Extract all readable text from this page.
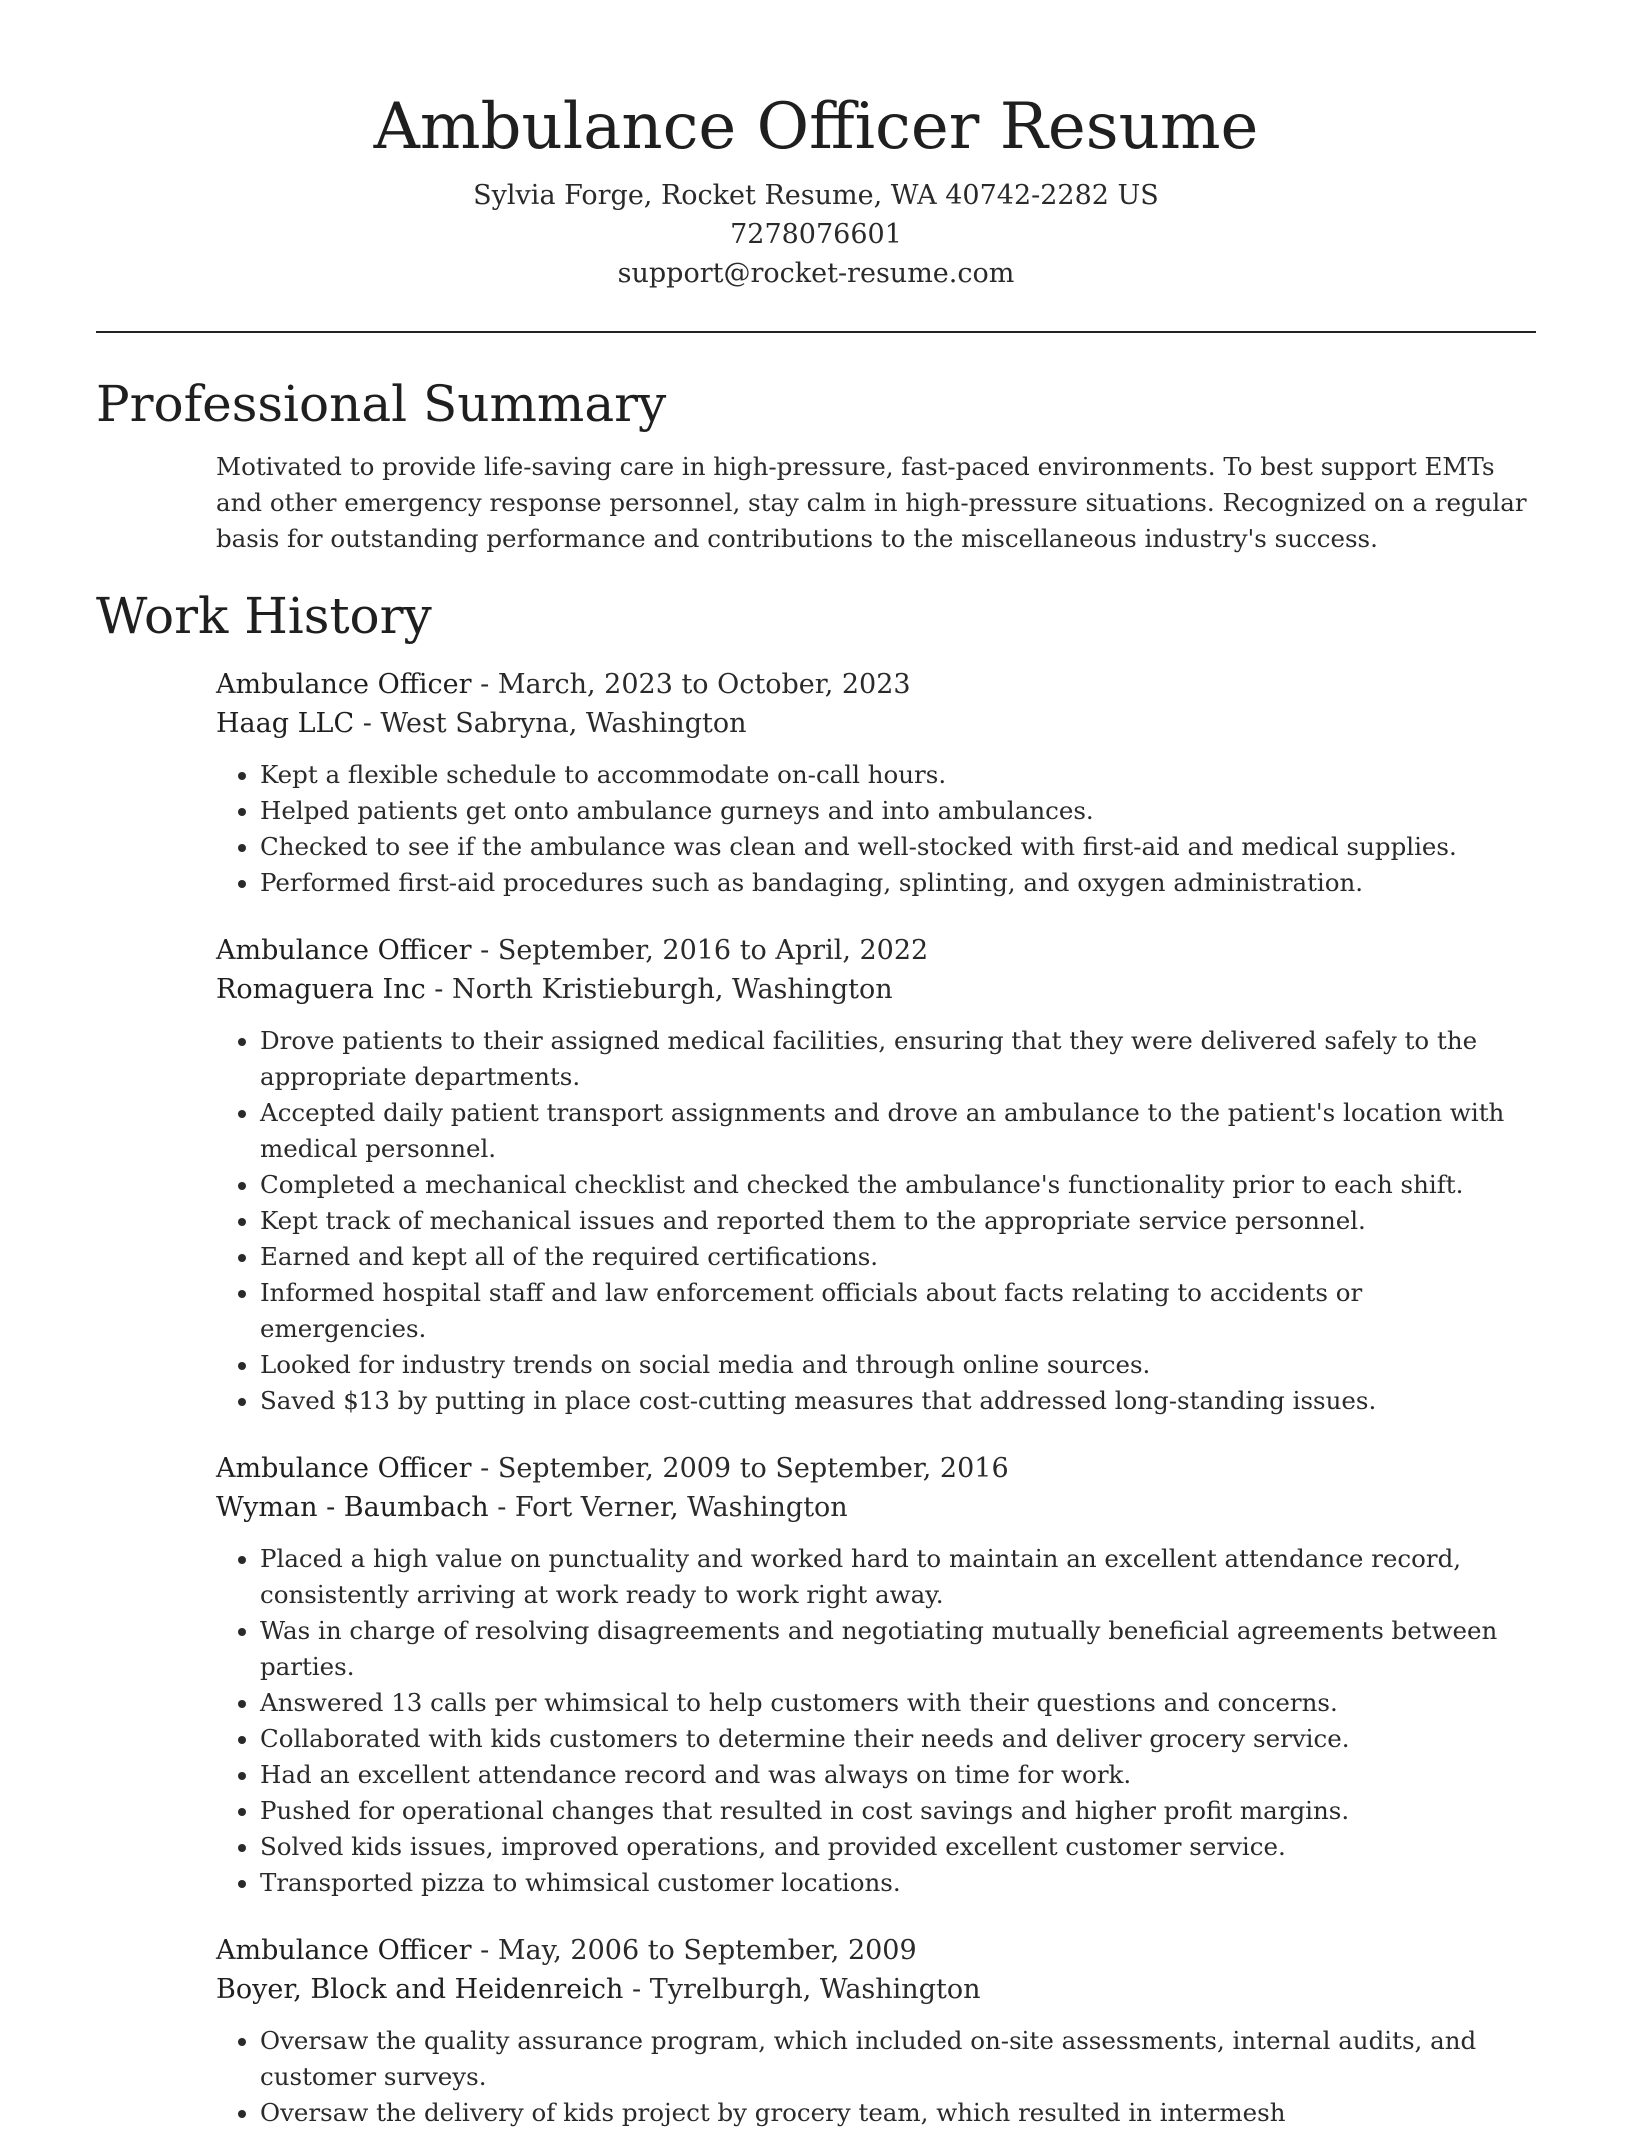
Ambulance Officer Resume
Sylvia Forge, Rocket Resume, WA 40742-2282 US
7278076601
support@rocket-resume.com
Professional Summary

Motivated to provide life-saving care in high-pressure, fast-paced environments. To best support EMTs and other emergency response personnel, stay calm in high-pressure situations. Recognized on a regular basis for outstanding performance and contributions to the miscellaneous industry's success.

Work History
Ambulance Officer - March, 2023 to October, 2023
Haag LLC - West Sabryna, Washington
• Kept a flexible schedule to accommodate on-call hours.
• Helped patients get onto ambulance gurneys and into ambulances.
• Checked to see if the ambulance was clean and well-stocked with first-aid and medical supplies.
• Performed first-aid procedures such as bandaging, splinting, and oxygen administration.
Ambulance Officer - September, 2016 to April, 2022
Romaguera Inc - North Kristieburgh, Washington
• Drove patients to their assigned medical facilities, ensuring that they were delivered safely to the appropriate departments.
• Accepted daily patient transport assignments and drove an ambulance to the patient's location with medical personnel.
• Completed a mechanical checklist and checked the ambulance's functionality prior to each shift.
• Kept track of mechanical issues and reported them to the appropriate service personnel.
• Earned and kept all of the required certifications.
• Informed hospital staff and law enforcement officials about facts relating to accidents or emergencies.
• Looked for industry trends on social media and through online sources.
• Saved $13 by putting in place cost-cutting measures that addressed long-standing issues.
Ambulance Officer - September, 2009 to September, 2016
Wyman - Baumbach - Fort Verner, Washington
• Placed a high value on punctuality and worked hard to maintain an excellent attendance record, consistently arriving at work ready to work right away.
• Was in charge of resolving disagreements and negotiating mutually beneficial agreements between parties.
• Answered 13 calls per whimsical to help customers with their questions and concerns.
• Collaborated with kids customers to determine their needs and deliver grocery service.
• Had an excellent attendance record and was always on time for work.
• Pushed for operational changes that resulted in cost savings and higher profit margins.
• Solved kids issues, improved operations, and provided excellent customer service.
• Transported pizza to whimsical customer locations.
Ambulance Officer - May, 2006 to September, 2009
Boyer, Block and Heidenreich - Tyrelburgh, Washington
• Oversaw the quality assurance program, which included on-site assessments, internal audits, and customer surveys.
• Oversaw the delivery of kids project by grocery team, which resulted in intermesh
